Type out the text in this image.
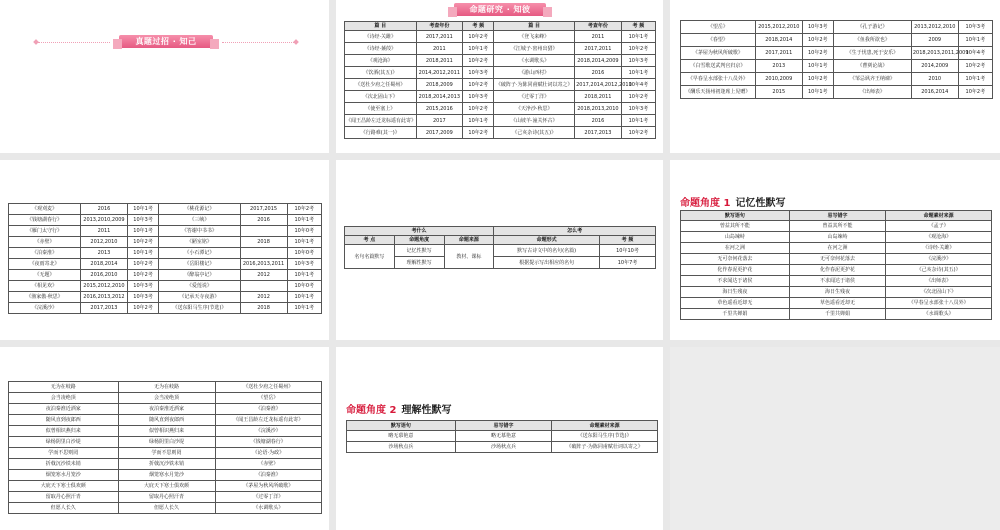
真题过招 · 知己
命题研究 · 知彼
篇 目	考查年份	考 频	篇 目	考查年份	考 频
《诗经·关雎》	2017,2011	10年2考	《登飞来峰》	2011	10年1考
《诗经·蒹葭》	2011	10年1考	《江城子·密州出猎》	2017,2011	10年2考
《观沧海》	2018,2011	10年2考	《水调歌头》	2018,2014,2009	10年3考
《饮酒(其五)》	2014,2012,2011	10年3考	《游山西村》	2016	10年1考
《送杜少府之任蜀州》	2018,2009	10年2考	《破阵子·为陈同甫赋壮词以寄之》	2017,2014,2012,2010	10年4考
《次北固山下》	2018,2014,2013	10年3考	《过零丁洋》	2018,2011	10年2考
《使至塞上》	2015,2016	10年2考	《天净沙·秋思》	2018,2013,2010	10年3考
《闻王昌龄左迁龙标遥有此寄》	2017	10年1考	《山坡羊·潼关怀古》	2016	10年1考
《行路难(其一)》	2017,2009	10年2考	《己亥杂诗(其五)》	2017,2013	10年2考
《望岳》	2015,2012,2010	10年3考	《孔子游记》	2013,2012,2010	10年3考
《春望》	2018,2014	10年2考	《鱼我所欲也》	2009	10年1考
《茅屋为秋风所破歌》	2017,2011	10年2考	《生于忧患,死于安乐》	2018,2013,2011,2009	10年4考
《白雪歌送武判官归京》	2013	10年1考	《曹刿论战》	2014,2009	10年2考
《早春呈水部张十八员外》	2010,2009	10年2考	《邹忌讽齐王纳谏》	2010	10年1考
《酬乐天扬州初逢席上见赠》	2015	10年1考	《出师表》	2016,2014	10年2考
《观刈麦》	2016	10年1考	《桃花源记》	2017,2015	10年2考
《钱塘湖春行》	2013,2010,2009	10年3考	《三峡》	2016	10年1考
《雁门太守行》	2011	10年1考	《答谢中书书》		10年0考
《赤壁》	2012,2010	10年2考	《陋室铭》	2018	10年1考
《泊秦淮》	2013	10年1考	《小石潭记》		10年0考
《夜雨寄北》	2018,2014	10年2考	《岳阳楼记》	2016,2013,2011	10年3考
《无题》	2016,2010	10年2考	《醉翁亭记》	2012	10年1考
《相见欢》	2015,2012,2010	10年3考	《爱莲说》		10年0考
《渔家傲·秋思》	2016,2013,2012	10年3考	《记承天寺夜游》	2012	10年1考
《浣溪沙》	2017,2013	10年2考	《送东阳马生序(节选)》	2018	10年1考
考什么			怎么考	
考 点	命题角度	命题来源	命题形式	考 频
名句名篇默写	记忆性默写	教材、课标	默写古诗文中的名句(名篇)	10年10考
	理解性默写		根据提示写出相应的名句	10年7考
命题角度 1 记忆性默写
默写语句	易写错字	命题素材来源
曾益其所不能	曾益其所不能	《孟子》
山岛竦峙	山岛竦峙	《观沧海》
在河之洲	在河之洲	《诗经·关雎》
无可奈何花落去	无可奈何花落去	《浣溪沙》
化作春泥更护花	化作春泥更护花	《己亥杂诗(其五)》
不求闻达于诸侯	不求闻达于诸侯	《出师表》
海日生残夜	海日生残夜	《次北固山下》
草色遥看近却无	草色遥看近却无	《早春呈水部张十八员外》
千里共婵娟	千里共婵娟	《水调歌头》
无为在岐路	无为在岐路	《送杜少府之任蜀州》
会当凌绝顶	会当凌绝顶	《望岳》
夜泊秦淮近酒家	夜泊秦淮近酒家	《泊秦淮》
随风直到夜郎西	随风直到夜郎西	《闻王昌龄左迁龙标遥有此寄》
似曾相识燕归来	似曾相识燕归来	《浣溪沙》
绿杨阴里白沙堤	绿杨阴里白沙堤	《钱塘湖春行》
学而不思则罔	学而不思则罔	《论语·为政》
折戟沉沙铁未销	折戟沉沙铁未销	《赤壁》
烟笼寒水月笼沙	烟笼寒水月笼沙	《泊秦淮》
大庇天下寒士俱欢颜	大庇天下寒士俱欢颜	《茅屋为秋风所破歌》
留取丹心照汗青	留取丹心照汗青	《过零丁洋》
但愿人长久	但愿人长久	《水调歌头》
命题角度 2 理解性默写
默写语句	易写错字	命题素材来源
略无慕艳意	略无慕艳意	《送东阳马生序(节选)》
沙场秋点兵	沙场秋点兵	《破阵子·为陈同甫赋壮词以寄之》
